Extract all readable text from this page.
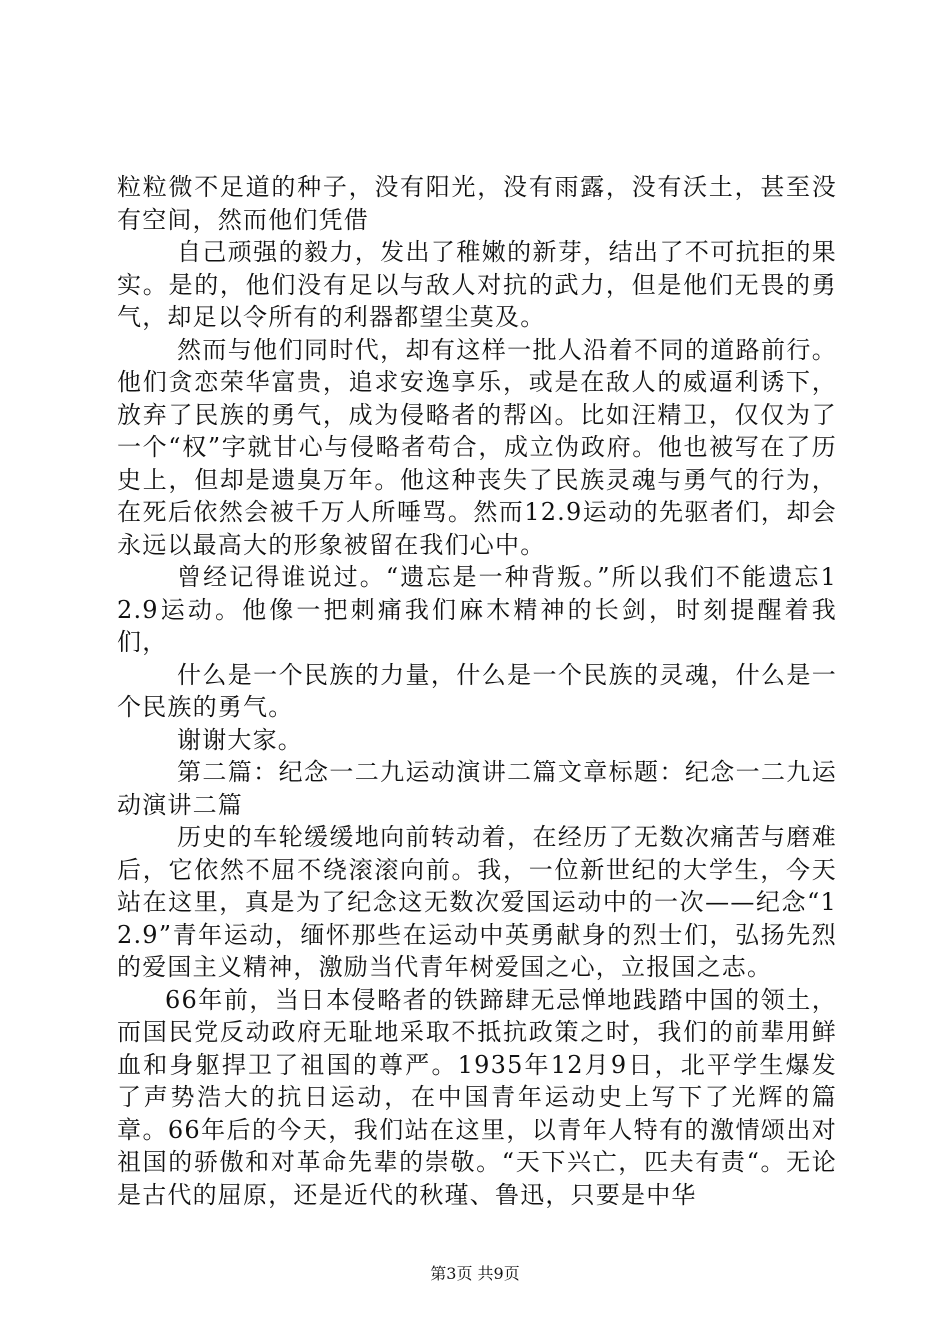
粒粒微不足道的种子，没有阳光，没有雨露，没有沃土，甚至没有空间，然而他们凭借

自己顽强的毅力，发出了稚嫩的新芽，结出了不可抗拒的果实。是的，他们没有足以与敌人对抗的武力，但是他们无畏的勇气，却足以令所有的利器都望尘莫及。

然而与他们同时代，却有这样一批人沿着不同的道路前行。他们贪恋荣华富贵，追求安逸享乐，或是在敌人的威逼利诱下，放弃了民族的勇气，成为侵略者的帮凶。比如汪精卫，仅仅为了一个“权”字就甘心与侵略者苟合，成立伪政府。他也被写在了历史上，但却是遗臭万年。他这种丧失了民族灵魂与勇气的行为，在死后依然会被千万人所唾骂。然而12.9运动的先驱者们，却会永远以最高大的形象被留在我们心中。

曾经记得谁说过。“遗忘是一种背叛。”所以我们不能遗忘12.9运动。他像一把刺痛我们麻木精神的长剑，时刻提醒着我们，

什么是一个民族的力量，什么是一个民族的灵魂，什么是一个民族的勇气。

谢谢大家。

第二篇：纪念一二九运动演讲二篇文章标题：纪念一二九运动演讲二篇

历史的车轮缓缓地向前转动着，在经历了无数次痛苦与磨难后，它依然不屈不绕滚滚向前。我，一位新世纪的大学生，今天站在这里，真是为了纪念这无数次爱国运动中的一次——纪念“12.9”青年运动，缅怀那些在运动中英勇献身的烈士们，弘扬先烈的爱国主义精神，激励当代青年树爱国之心，立报国之志。

66年前，当日本侵略者的铁蹄肆无忌惮地践踏中国的领土，而国民党反动政府无耻地采取不抵抗政策之时，我们的前辈用鲜血和身躯捍卫了祖国的尊严。1935年12月9日，北平学生爆发了声势浩大的抗日运动，在中国青年运动史上写下了光辉的篇章。66年后的今天，我们站在这里，以青年人特有的激情颂出对祖国的骄傲和对革命先辈的崇敬。“天下兴亡，匹夫有责“。无论是古代的屈原，还是近代的秋瑾、鲁迅，只要是中华

第3页 共9页
